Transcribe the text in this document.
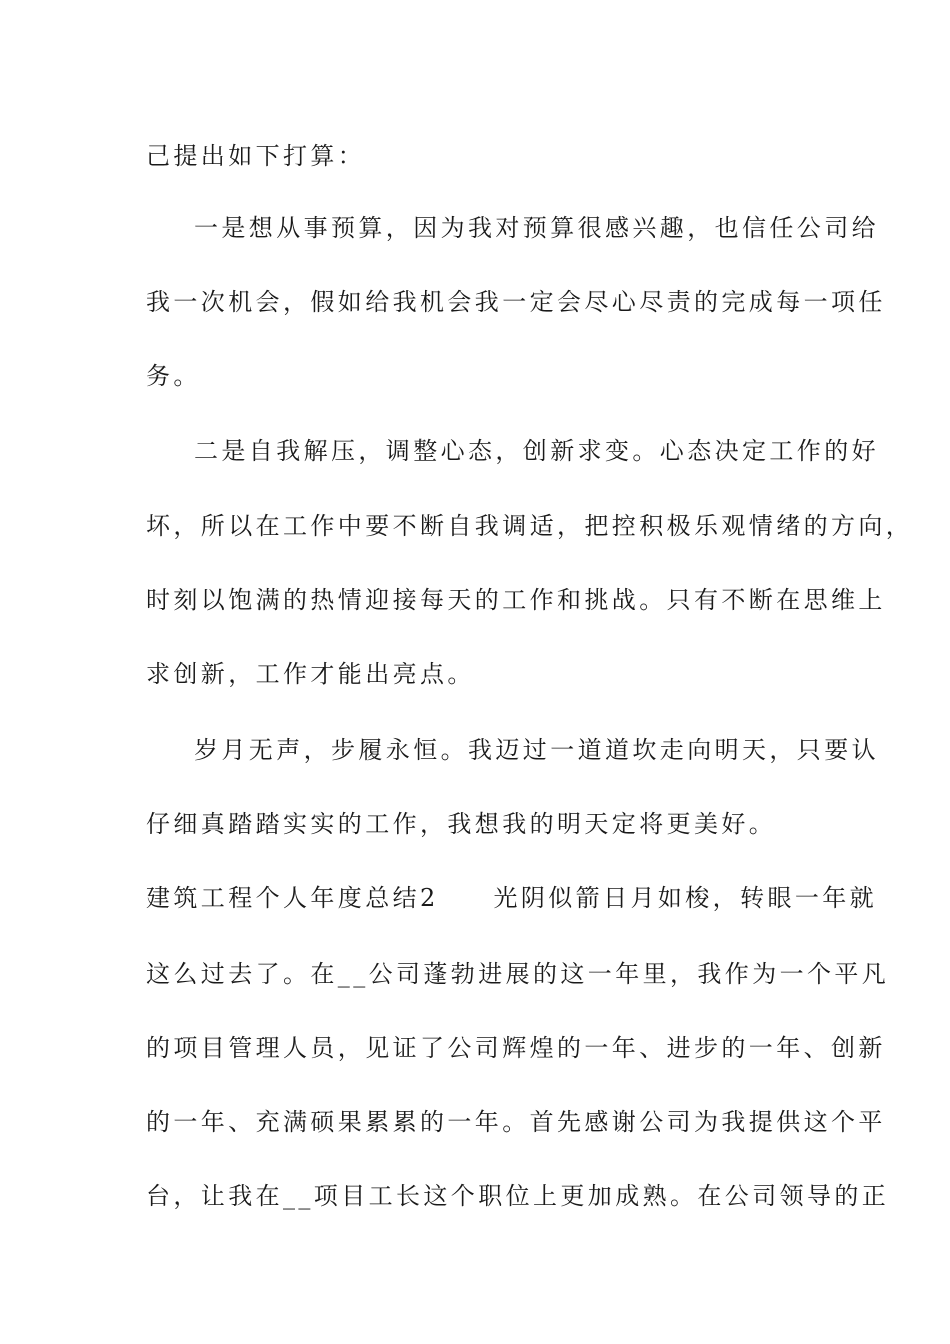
己提出如下打算：
一是想从事预算，因为我对预算很感兴趣，也信任公司给
我一次机会，假如给我机会我一定会尽心尽责的完成每一项任
务。
二是自我解压，调整心态，创新求变。心态决定工作的好
坏，所以在工作中要不断自我调适，把控积极乐观情绪的方向，
时刻以饱满的热情迎接每天的工作和挑战。只有不断在思维上
求创新，工作才能出亮点。
岁月无声，步履永恒。我迈过一道道坎走向明天，只要认
仔细真踏踏实实的工作，我想我的明天定将更美好。
建筑工程个人年度总结2　　光阴似箭日月如梭，转眼一年就
这么过去了。在__公司蓬勃进展的这一年里，我作为一个平凡
的项目管理人员，见证了公司辉煌的一年、进步的一年、创新
的一年、充满硕果累累的一年。首先感谢公司为我提供这个平
台，让我在__项目工长这个职位上更加成熟。在公司领导的正
